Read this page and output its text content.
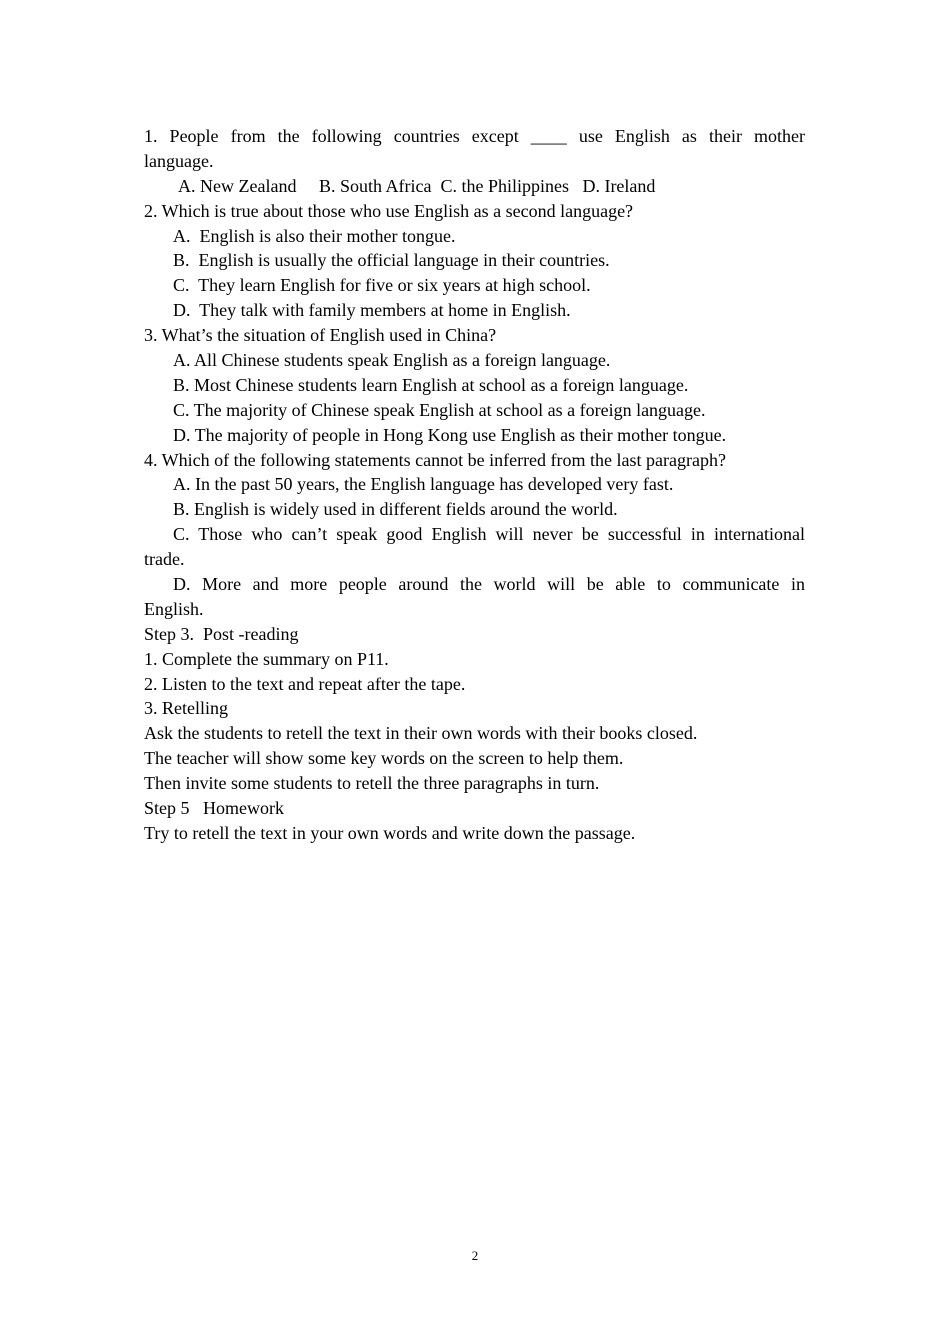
1. People from the following countries except ____ use English as their mother
language.
A. New Zealand     B. South Africa  C. the Philippines   D. Ireland
2. Which is true about those who use English as a second language?
A.  English is also their mother tongue.
B.  English is usually the official language in their countries.
C.  They learn English for five or six years at high school.
D.  They talk with family members at home in English.
3. What’s the situation of English used in China?
A. All Chinese students speak English as a foreign language.
B. Most Chinese students learn English at school as a foreign language.
C. The majority of Chinese speak English at school as a foreign language.
D. The majority of people in Hong Kong use English as their mother tongue.
4. Which of the following statements cannot be inferred from the last paragraph?
A. In the past 50 years, the English language has developed very fast.
B. English is widely used in different fields around the world.
C. Those who can’t speak good English will never be successful in international
trade.
D. More and more people around the world will be able to communicate in
English.
Step 3.  Post -reading
1. Complete the summary on P11.
2. Listen to the text and repeat after the tape.
3. Retelling
Ask the students to retell the text in their own words with their books closed.
The teacher will show some key words on the screen to help them.
Then invite some students to retell the three paragraphs in turn.
Step 5   Homework
Try to retell the text in your own words and write down the passage.
2
